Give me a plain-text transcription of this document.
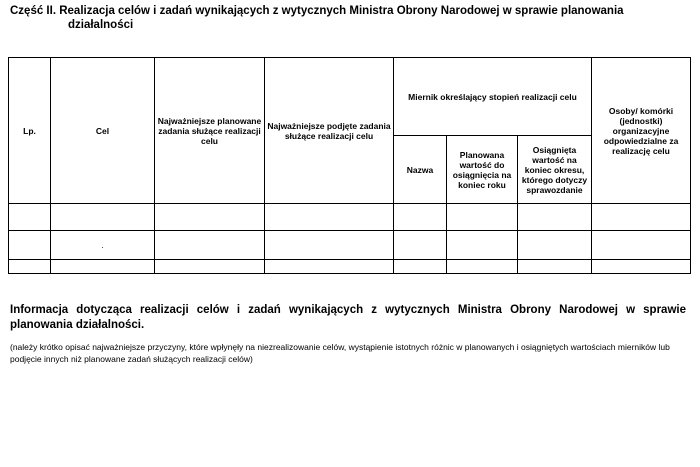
Część II. Realizacja celów i zadań wynikających z wytycznych Ministra Obrony Narodowej w sprawie planowania
działalności
Lp.	Cel	Najważniejsze planowane zadania służące realizacji celu	Najważniejsze podjęte zadania służące realizacji celu	Miernik określający stopień realizacji celu			Osoby/ komórki (jednostki) organizacyjne odpowiedzialne za realizację celu
				Nazwa	Planowana wartość do osiągnięcia na koniec roku	Osiągnięta wartość na koniec okresu, którego dotyczy sprawozdanie	

	.						

Informacja dotycząca realizacji celów i zadań wynikających z wytycznych Ministra Obrony Narodowej w sprawie planowania działalności.
(należy krótko opisać najważniejsze przyczyny, które wpłynęły na niezrealizowanie celów, wystąpienie istotnych różnic w planowanych i osiągniętych wartościach mierników lub podjęcie innych niż planowane zadań służących realizacji celów)
